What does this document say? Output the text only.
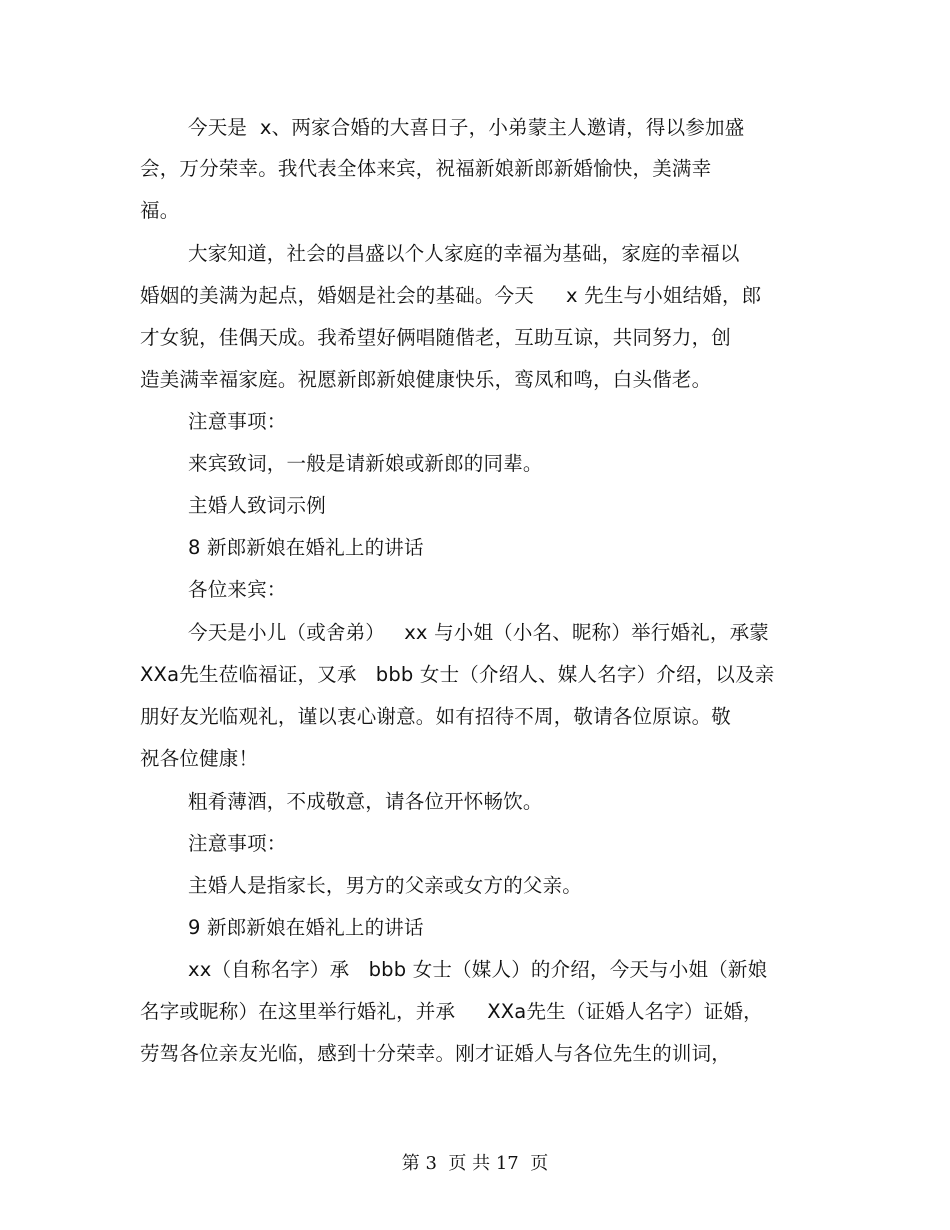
今天是  x、两家合婚的大喜日子，小弟蒙主人邀请，得以参加盛
会，万分荣幸。我代表全体来宾，祝福新娘新郎新婚愉快，美满幸
福。
大家知道，社会的昌盛以个人家庭的幸福为基础，家庭的幸福以
婚姻的美满为起点，婚姻是社会的基础。今天     x 先生与小姐结婚，郎
才女貌，佳偶天成。我希望好俩唱随偕老，互助互谅，共同努力，创
造美满幸福家庭。祝愿新郎新娘健康快乐，鸾凤和鸣，白头偕老。
注意事项：
来宾致词，一般是请新娘或新郎的同辈。
主婚人致词示例
8 新郎新娘在婚礼上的讲话
各位来宾：
今天是小儿（或舍弟）   xx 与小姐（小名、昵称）举行婚礼，承蒙
XXa先生莅临福证，又承   bbb 女士（介绍人、媒人名字）介绍，以及亲
朋好友光临观礼，谨以衷心谢意。如有招待不周，敬请各位原谅。敬
祝各位健康！
粗肴薄酒，不成敬意，请各位开怀畅饮。
注意事项：
主婚人是指家长，男方的父亲或女方的父亲。
9 新郎新娘在婚礼上的讲话
xx（自称名字）承   bbb 女士（媒人）的介绍，今天与小姐（新娘
名字或昵称）在这里举行婚礼，并承     XXa先生（证婚人名字）证婚，
劳驾各位亲友光临，感到十分荣幸。刚才证婚人与各位先生的训词，
第 3  页 共 17  页
